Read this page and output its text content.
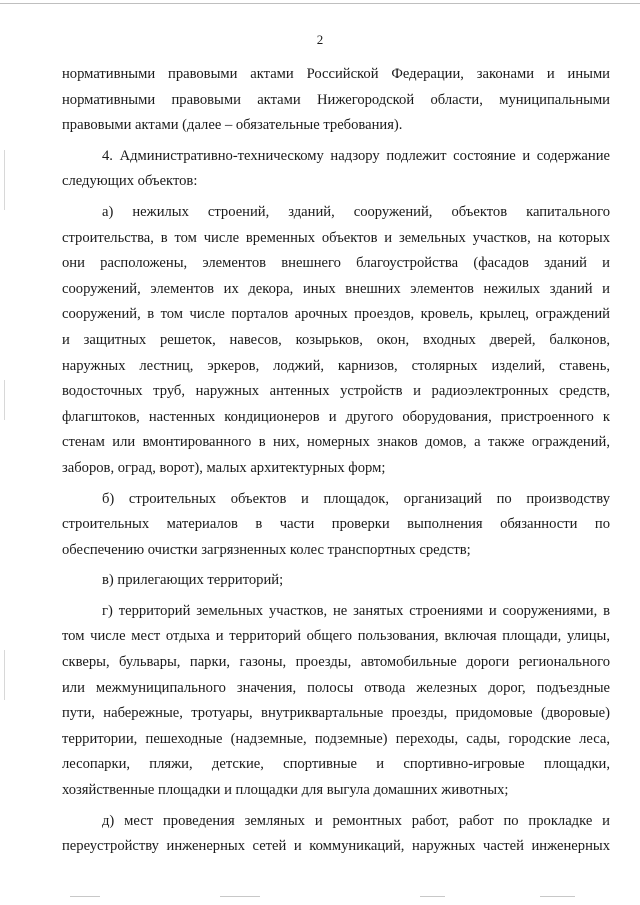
2
нормативными правовыми актами Российской Федерации, законами и иными
нормативными правовыми актами Нижегородской области, муниципальными
правовыми актами (далее – обязательные требования).
4. Административно-техническому надзору подлежит состояние и содержание
следующих объектов:
а) нежилых строений, зданий, сооружений, объектов капитального
строительства, в том числе временных объектов и земельных участков, на которых
они расположены, элементов внешнего благоустройства (фасадов зданий и
сооружений, элементов их декора, иных внешних элементов нежилых зданий и
сооружений, в том числе порталов арочных проездов, кровель, крылец, ограждений
и защитных решеток, навесов, козырьков, окон, входных дверей, балконов,
наружных лестниц, эркеров, лоджий, карнизов, столярных изделий, ставень,
водосточных труб, наружных антенных устройств и радиоэлектронных средств,
флагштоков, настенных кондиционеров и другого оборудования, пристроенного к
стенам или вмонтированного в них, номерных знаков домов, а также ограждений,
заборов, оград, ворот), малых архитектурных форм;
б) строительных объектов и площадок, организаций по производству
строительных материалов в части проверки выполнения обязанности по
обеспечению очистки загрязненных колес транспортных средств;
в) прилегающих территорий;
г) территорий земельных участков, не занятых строениями и сооружениями, в
том числе мест отдыха и территорий общего пользования, включая площади, улицы,
скверы, бульвары, парки, газоны, проезды, автомобильные дороги регионального
или межмуниципального значения, полосы отвода железных дорог, подъездные
пути, набережные, тротуары, внутриквартальные проезды, придомовые (дворовые)
территории, пешеходные (надземные, подземные) переходы, сады, городские леса,
лесопарки, пляжи, детские, спортивные и спортивно-игровые площадки,
хозяйственные площадки и площадки для выгула домашних животных;
д) мест проведения земляных и ремонтных работ, работ по прокладке и
переустройству инженерных сетей и коммуникаций, наружных частей инженерных
